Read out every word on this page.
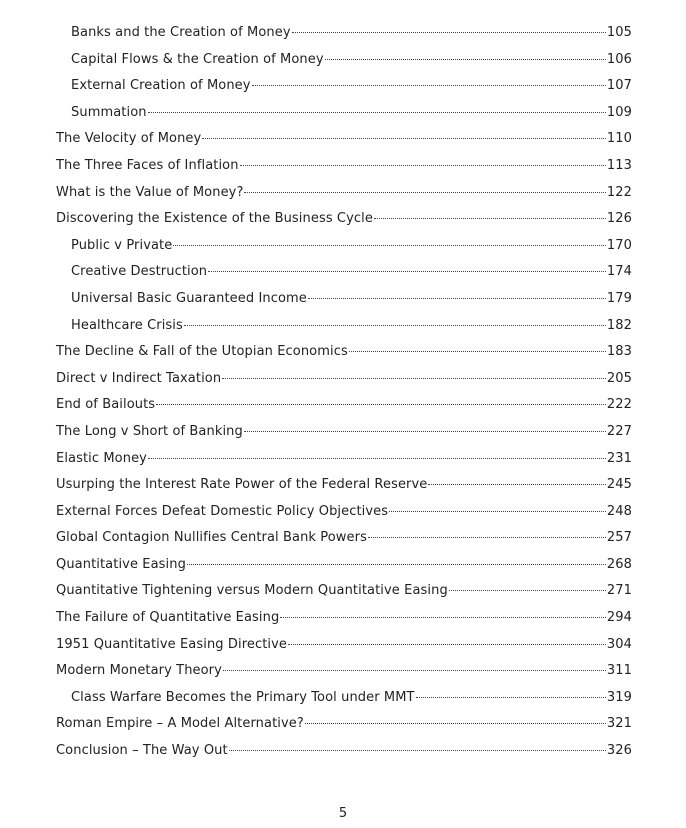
Banks and the Creation of Money	105
Capital Flows & the Creation of Money	106
External Creation of Money	107
Summation	109
The Velocity of Money	110
The Three Faces of Inflation	113
What is the Value of Money?	122
Discovering the Existence of the Business Cycle	126
Public v Private	170
Creative Destruction	174
Universal Basic Guaranteed Income	179
Healthcare Crisis	182
The Decline & Fall of the Utopian Economics	183
Direct v Indirect Taxation	205
End of Bailouts	222
The Long v Short of Banking	227
Elastic Money	231
Usurping the Interest Rate Power of the Federal Reserve	245
External Forces Defeat Domestic Policy Objectives	248
Global Contagion Nullifies Central Bank Powers	257
Quantitative Easing	268
Quantitative Tightening versus Modern Quantitative Easing	271
The Failure of Quantitative Easing	294
1951 Quantitative Easing Directive	304
Modern Monetary Theory	311
Class Warfare Becomes the Primary Tool under MMT	319
Roman Empire – A Model Alternative?	321
Conclusion – The Way Out	326
5
